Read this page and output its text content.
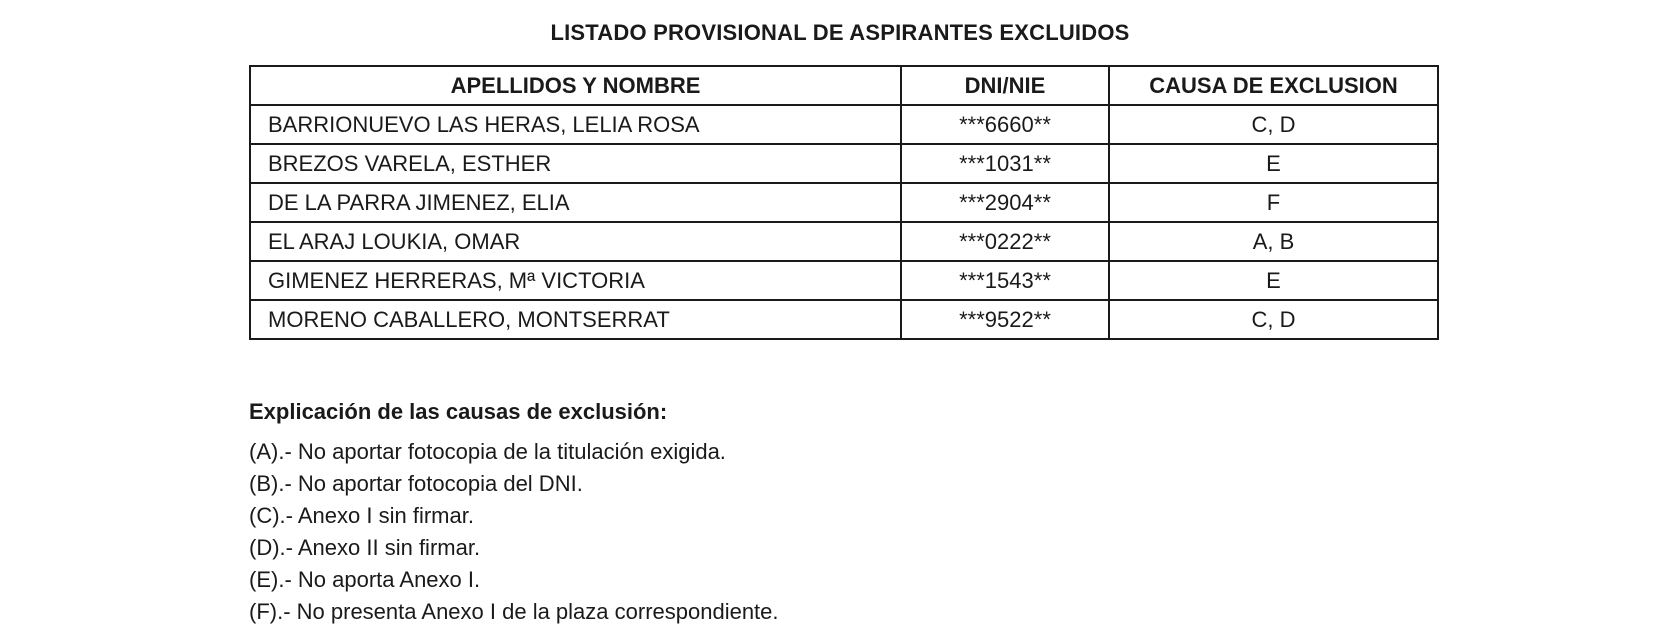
LISTADO PROVISIONAL DE ASPIRANTES EXCLUIDOS
APELLIDOS Y NOMBRE	DNI/NIE	CAUSA DE EXCLUSION
BARRIONUEVO LAS HERAS, LELIA ROSA	***6660**	C, D
BREZOS VARELA, ESTHER	***1031**	E
DE LA PARRA JIMENEZ, ELIA	***2904**	F
EL ARAJ LOUKIA, OMAR	***0222**	A, B
GIMENEZ HERRERAS, Mª VICTORIA	***1543**	E
MORENO CABALLERO, MONTSERRAT	***9522**	C, D
Explicación de las causas de exclusión:
(A).- No aportar fotocopia de la titulación exigida.
(B).- No aportar fotocopia del DNI.
(C).- Anexo I sin firmar.
(D).- Anexo II sin firmar.
(E).- No aporta Anexo I.
(F).- No presenta Anexo I de la plaza correspondiente.
